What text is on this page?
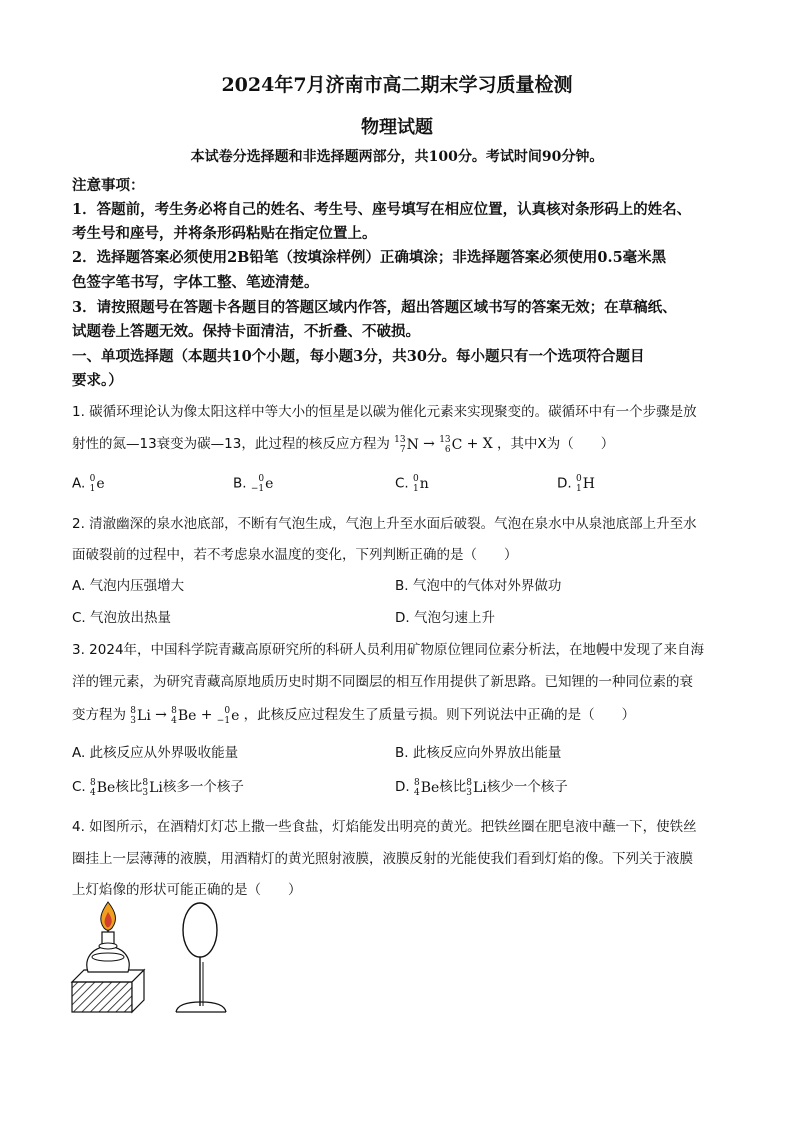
2024年7月济南市高二期末学习质量检测
物理试题
本试卷分选择题和非选择题两部分，共100分。考试时间90分钟。
注意事项：
1．答题前，考生务必将自己的姓名、考生号、座号填写在相应位置，认真核对条形码上的姓名、
考生号和座号，并将条形码粘贴在指定位置上。
2．选择题答案必须使用2B铅笔（按填涂样例）正确填涂；非选择题答案必须使用0.5毫米黑
色签字笔书写，字体工整、笔迹清楚。
3．请按照题号在答题卡各题目的答题区域内作答，超出答题区域书写的答案无效；在草稿纸、
试题卷上答题无效。保持卡面清洁，不折叠、不破损。
一、单项选择题（本题共10个小题，每小题3分，共30分。每小题只有一个选项符合题目
要求。）
1. 碳循环理论认为像太阳这样中等大小的恒星是以碳为催化元素来实现聚变的。碳循环中有一个步骤是放
射性的氮—13衰变为碳—13，此过程的核反应方程为 13
7 N → 13
6 C + X ，其中X为（　　）
A. 0
1 e	B.	0
−1 e	C. 0
1 n	D. 0
1 H
2. 清澈幽深的泉水池底部，不断有气泡生成，气泡上升至水面后破裂。气泡在泉水中从泉池底部上升至水
面破裂前的过程中，若不考虑泉水温度的变化，下列判断正确的是（　　）
A. 气泡内压强增大	B. 气泡中的气体对外界做功
C. 气泡放出热量	D. 气泡匀速上升
3. 2024年，中国科学院青藏高原研究所的科研人员利用矿物原位锂同位素分析法，在地幔中发现了来自海
洋的锂元素，为研究青藏高原地质历史时期不同圈层的相互作用提供了新思路。已知锂的一种同位素的衰
变方程为 8
3 Li → 8
4 Be +	0
−1 e ，此核反应过程发生了质量亏损。则下列说法中正确的是（　　）
A. 此核反应从外界吸收能量	B. 此核反应向外界放出能量
C. 8
4 Be核比 8
3 Li核多一个核子	D. 8
4 Be核比 8
3 Li核少一个核子
4. 如图所示，在酒精灯灯芯上撒一些食盐，灯焰能发出明亮的黄光。把铁丝圈在肥皂液中蘸一下，使铁丝
圈挂上一层薄薄的液膜，用酒精灯的黄光照射液膜，液膜反射的光能使我们看到灯焰的像。下列关于液膜
上灯焰像的形状可能正确的是（　　）
